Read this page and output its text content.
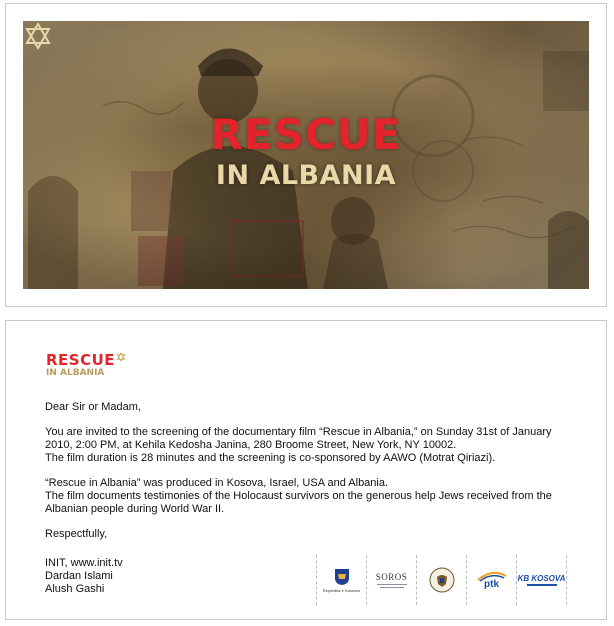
RESCUE
IN ALBANIA
RESCUE
IN ALBANIA

Dear Sir or Madam,

You are invited to the screening of the documentary film “Rescue in Albania,” on Sunday 31st of January

2010, 2:00 PM, at Kehila Kedosha Janina, 280 Broome Street, New York, NY 10002.

The film duration is 28 minutes and the screening is co-sponsored by AAWO (Motrat Qiriazi).

“Rescue in Albania” was produced in Kosova, Israel, USA and Albania.

The film documents testimonies of the Holocaust survivors on the generous help Jews received from the

Albanian people during World War II.

Respectfully,

INIT, www.init.tv
Dardan Islami
Alush Gashi	Republika e Kosoves
SOROS
ptk
KB KOSOVA
